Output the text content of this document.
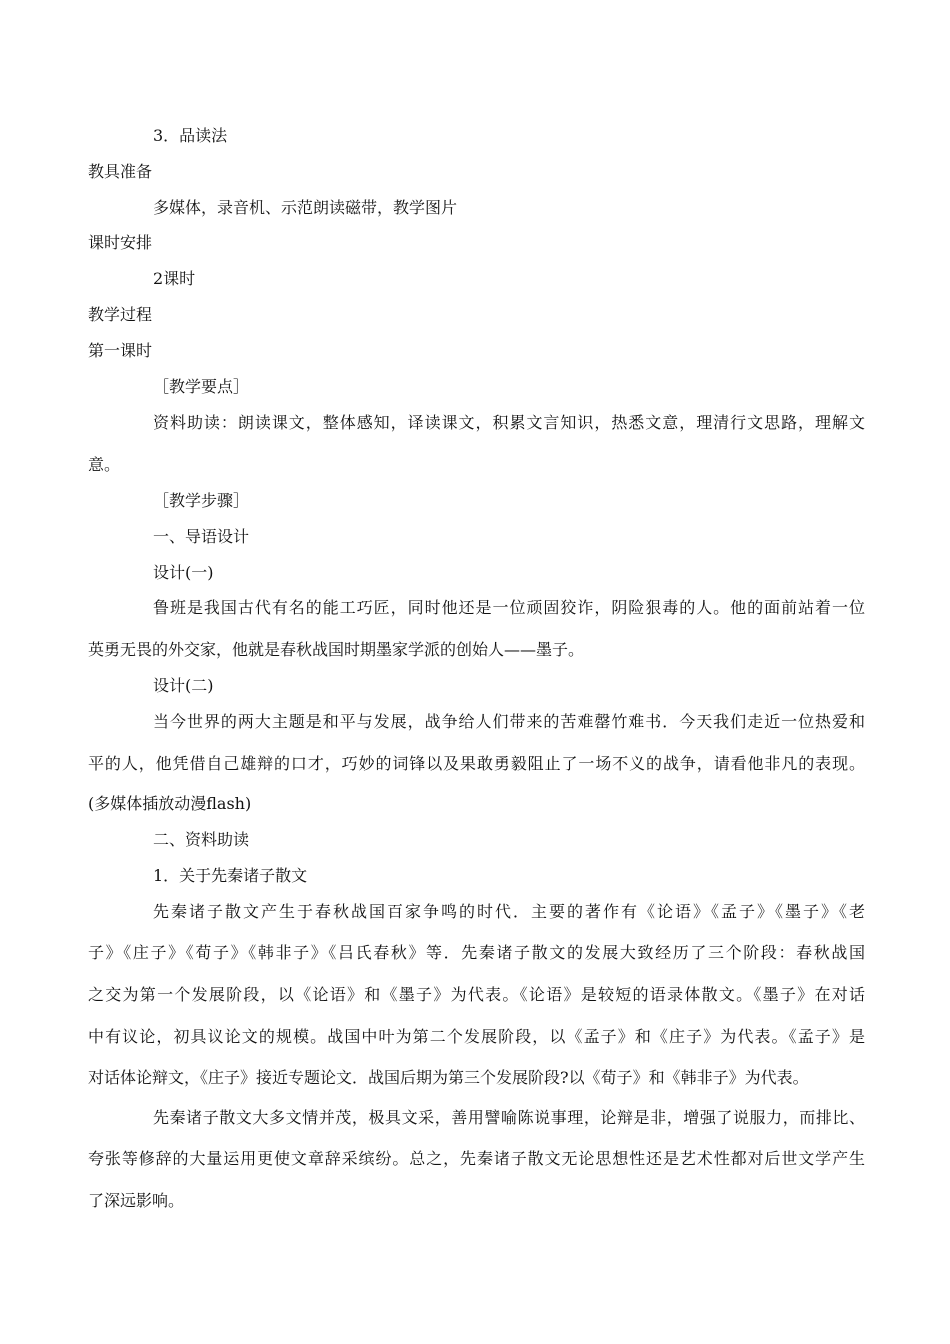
3．品读法
教具准备
多媒体，录音机、示范朗读磁带，教学图片
课时安排
2课时
教学过程
第一课时
［教学要点］
资料助读：朗读课文，整体感知，译读课文，积累文言知识，热悉文意，理清行文思路，理解文
意。
［教学步骤］
一、导语设计
设计(一)
鲁班是我国古代有名的能工巧匠，同时他还是一位顽固狡诈，阴险狠毒的人。他的面前站着一位
英勇无畏的外交家，他就是春秋战国时期墨家学派的创始人——墨子。
设计(二)
当今世界的两大主题是和平与发展，战争给人们带来的苦难罄竹难书．今天我们走近一位热爱和
平的人，他凭借自己雄辩的口才，巧妙的词锋以及果敢勇毅阻止了一场不义的战争，请看他非凡的表现。
(多媒体插放动漫flash)
二、资料助读
1．关于先秦诸子散文
先秦诸子散文产生于春秋战国百家争鸣的时代．主要的著作有《论语》《孟子》《墨子》《老
子》《庄子》《荀子》《韩非子》《吕氏春秋》等．先秦诸子散文的发展大致经历了三个阶段：春秋战国
之交为第一个发展阶段，以《论语》和《墨子》为代表。《论语》是较短的语录体散文。《墨子》在对话
中有议论，初具议论文的规模。战国中叶为第二个发展阶段，以《孟子》和《庄子》为代表。《孟子》是
对话体论辩文，《庄子》接近专题论文．战国后期为第三个发展阶段?以《荀子》和《韩非子》为代表。
先秦诸子散文大多文情并茂，极具文采，善用譬喻陈说事理，论辩是非，增强了说服力，而排比、
夸张等修辞的大量运用更使文章辞采缤纷。总之，先秦诸子散文无论思想性还是艺术性都对后世文学产生
了深远影响。
